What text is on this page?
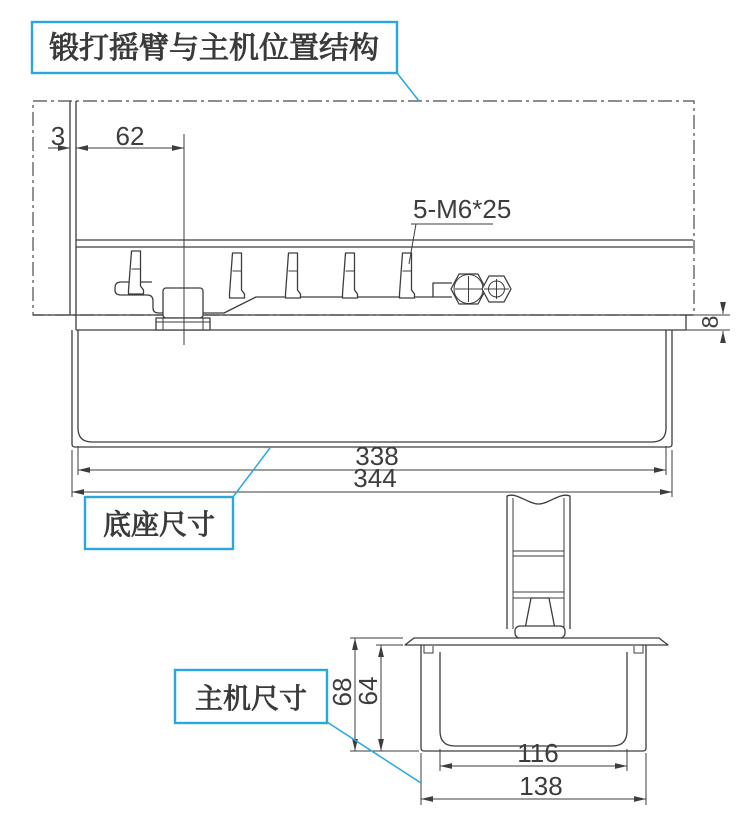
3 62
5-M6*25
8
338
344
68
64
116
138
锻打摇臂与主机位置结构
底座尺寸
主机尺寸
